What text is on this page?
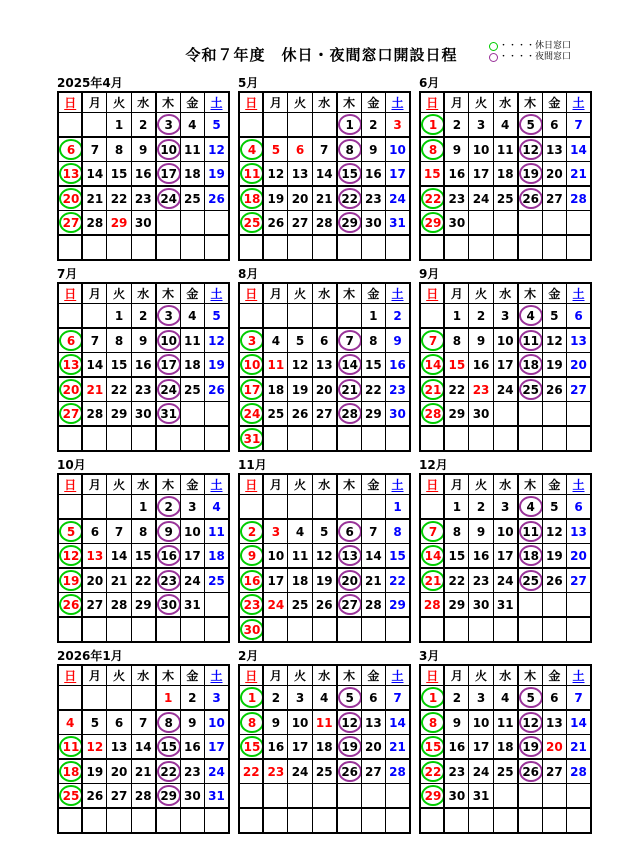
令和７年度　休日・夜間窓口開設日程	・・・・休日窓口
・・・・夜間窓口
2025年4月
日	月	火	水	木	金	土
		1	2	3	4	5

6	7	8	9	10	11	12

13	14	15	16	17	18	19

20	21	22	23	24	25	26

27	28	29	30			

5月
日	月	火	水	木	金	土

				1	2	3

4	5	6	7	8	9	10

11	12	13	14	15	16	17

18	19	20	21	22	23	24

25	26	27	28	29	30	31

6月
日	月	火	水	木	金	土

1	2	3	4	5	6	7

8	9	10	11	12	13	14
15	16	17	18	19	20	21

22	23	24	25	26	27	28

29	30					

7月
日	月	火	水	木	金	土
		1	2	3	4	5

6	7	8	9	10	11	12

13	14	15	16	17	18	19

20	21	22	23	24	25	26

27	28	29	30	31		

8月
日	月	火	水	木	金	土
					1	2

3	4	5	6	7	8	9

10	11	12	13	14	15	16

17	18	19	20	21	22	23

24	25	26	27	28	29	30

31						

9月
日	月	火	水	木	金	土
	1	2	3	4	5	6

7	8	9	10	11	12	13

14	15	16	17	18	19	20

21	22	23	24	25	26	27

28	29	30				

10月
日	月	火	水	木	金	土
			1	2	3	4

5	6	7	8	9	10	11

12	13	14	15	16	17	18

19	20	21	22	23	24	25

26	27	28	29	30	31	

11月
日	月	火	水	木	金	土
						1

2	3	4	5	6	7	8

9	10	11	12	13	14	15

16	17	18	19	20	21	22

23	24	25	26	27	28	29

30						

12月
日	月	火	水	木	金	土
	1	2	3	4	5	6

7	8	9	10	11	12	13

14	15	16	17	18	19	20

21	22	23	24	25	26	27
28	29	30	31			

2026年1月
日	月	火	水	木	金	土
				1	2	3
4	5	6	7	8	9	10

11	12	13	14	15	16	17

18	19	20	21	22	23	24

25	26	27	28	29	30	31

2月
日	月	火	水	木	金	土

1	2	3	4	5	6	7

8	9	10	11	12	13	14

15	16	17	18	19	20	21
22	23	24	25	26	27	28

3月
日	月	火	水	木	金	土

1	2	3	4	5	6	7

8	9	10	11	12	13	14

15	16	17	18	19	20	21

22	23	24	25	26	27	28

29	30	31				
